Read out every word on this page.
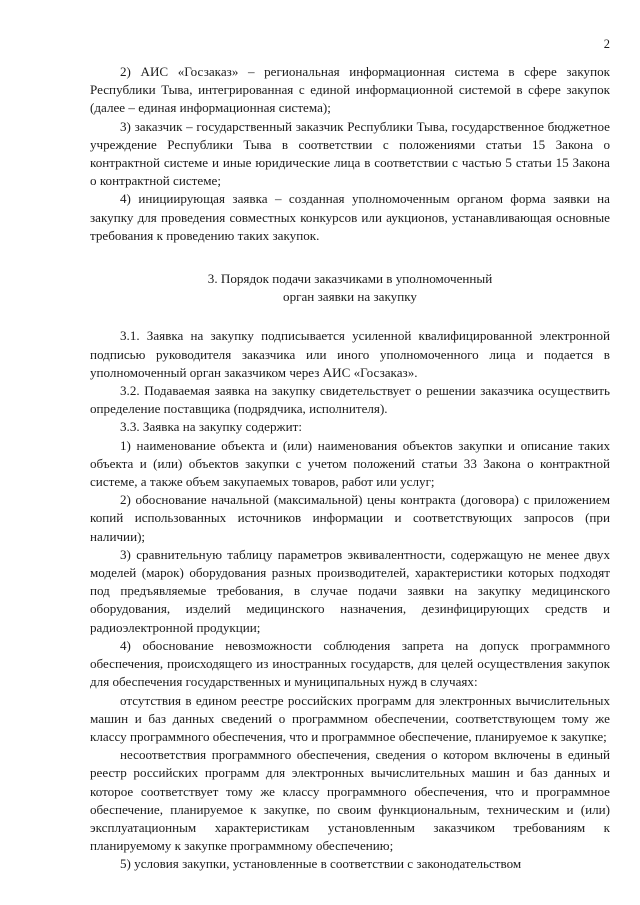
2

2) АИС «Госзаказ» – региональная информационная система в сфере закупок Республики Тыва, интегрированная с единой информационной системой в сфере закупок (далее – единая информационная система);

3) заказчик – государственный заказчик Республики Тыва, государственное бюджетное учреждение Республики Тыва в соответствии с положениями статьи 15 Закона о контрактной системе и иные юридические лица в соответствии с частью 5 статьи 15 Закона о контрактной системе;

4) инициирующая заявка – созданная уполномоченным органом форма заявки на закупку для проведения совместных конкурсов или аукционов, устанавливающая основные требования к проведению таких закупок.

3. Порядок подачи заказчиками в уполномоченный
орган заявки на закупку

3.1. Заявка на закупку подписывается усиленной квалифицированной электронной подписью руководителя заказчика или иного уполномоченного лица и подается в уполномоченный орган заказчиком через АИС «Госзаказ».

3.2. Подаваемая заявка на закупку свидетельствует о решении заказчика осуществить определение поставщика (подрядчика, исполнителя).

3.3. Заявка на закупку содержит:

1) наименование объекта и (или) наименования объектов закупки и описание таких объекта и (или) объектов закупки с учетом положений статьи 33 Закона о контрактной системе, а также объем закупаемых товаров, работ или услуг;

2) обоснование начальной (максимальной) цены контракта (договора) с приложением копий использованных источников информации и соответствующих запросов (при наличии);

3) сравнительную таблицу параметров эквивалентности, содержащую не менее двух моделей (марок) оборудования разных производителей, характеристики которых подходят под предъявляемые требования, в случае подачи заявки на закупку медицинского оборудования, изделий медицинского назначения, дезинфицирующих средств и радиоэлектронной продукции;

4) обоснование невозможности соблюдения запрета на допуск программного обеспечения, происходящего из иностранных государств, для целей осуществления закупок для обеспечения государственных и муниципальных нужд в случаях:

отсутствия в едином реестре российских программ для электронных вычислительных машин и баз данных сведений о программном обеспечении, соответствующем тому же классу программного обеспечения, что и программное обеспечение, планируемое к закупке;

несоответствия программного обеспечения, сведения о котором включены в единый реестр российских программ для электронных вычислительных машин и баз данных и которое соответствует тому же классу программного обеспечения, что и программное обеспечение, планируемое к закупке, по своим функциональным, техническим и (или) эксплуатационным характеристикам установленным заказчиком требованиям к планируемому к закупке программному обеспечению;

5) условия закупки, установленные в соответствии с законодательством
